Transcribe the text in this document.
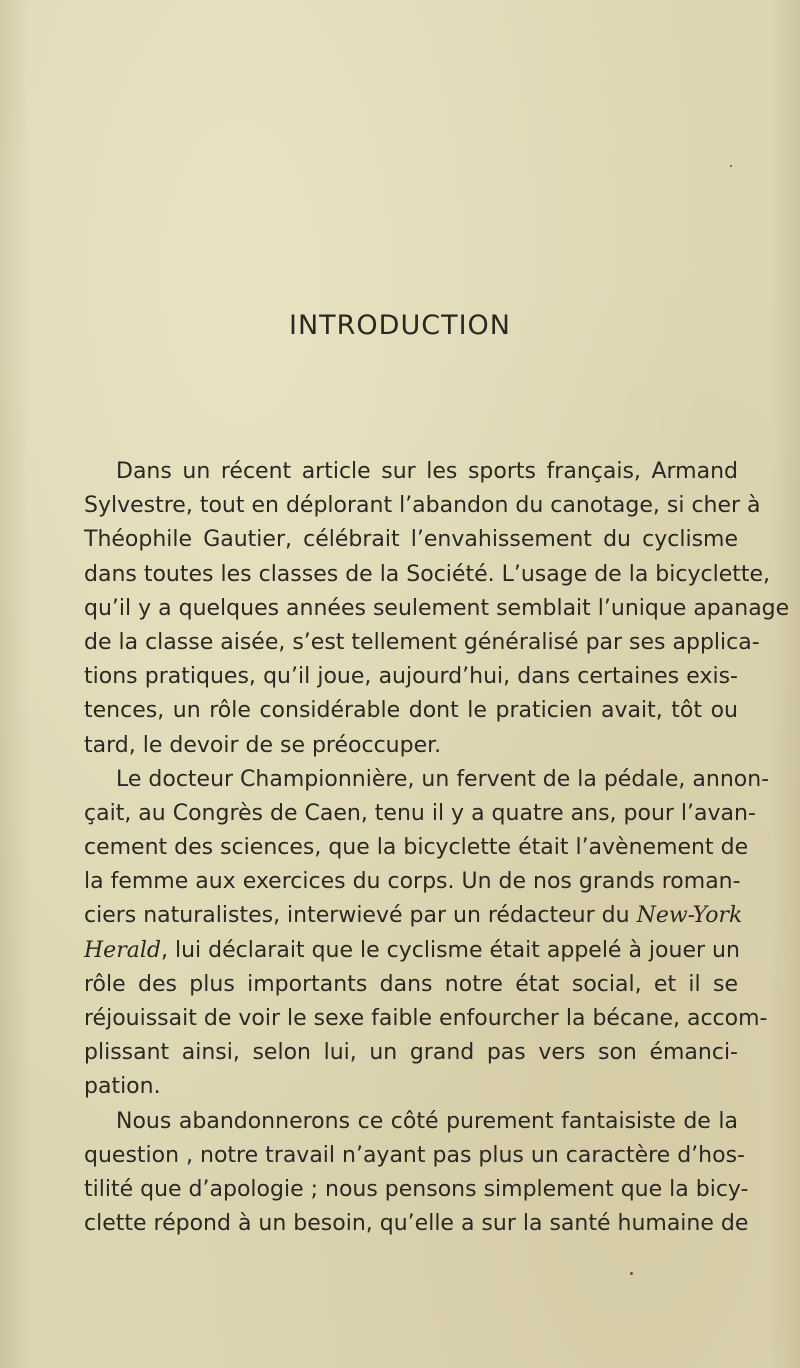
INTRODUCTION
Dans un récent article sur les sports français, Armand
Sylvestre, tout en déplorant l’abandon du canotage, si cher à
Théophile Gautier, célébrait l’envahissement du cyclisme
dans toutes les classes de la Société. L’usage de la bicyclette,
qu’il y a quelques années seulement semblait l’unique apanage
de la classe aisée, s’est tellement généralisé par ses applica-
tions pratiques, qu’il joue, aujourd’hui, dans certaines exis-
tences, un rôle considérable dont le praticien avait, tôt ou
tard, le devoir de se préoccuper.
Le docteur Championnière, un fervent de la pédale, annon-
çait, au Congrès de Caen, tenu il y a quatre ans, pour l’avan-
cement des sciences, que la bicyclette était l’avènement de
la femme aux exercices du corps. Un de nos grands roman-
ciers naturalistes, interwievé par un rédacteur du New-York
Herald, lui déclarait que le cyclisme était appelé à jouer un
rôle des plus importants dans notre état social, et il se
réjouissait de voir le sexe faible enfourcher la bécane, accom-
plissant ainsi, selon lui, un grand pas vers son émanci-
pation.
Nous abandonnerons ce côté purement fantaisiste de la
question , notre travail n’ayant pas plus un caractère d’hos-
tilité que d’apologie ; nous pensons simplement que la bicy-
clette répond à un besoin, qu’elle a sur la santé humaine de
